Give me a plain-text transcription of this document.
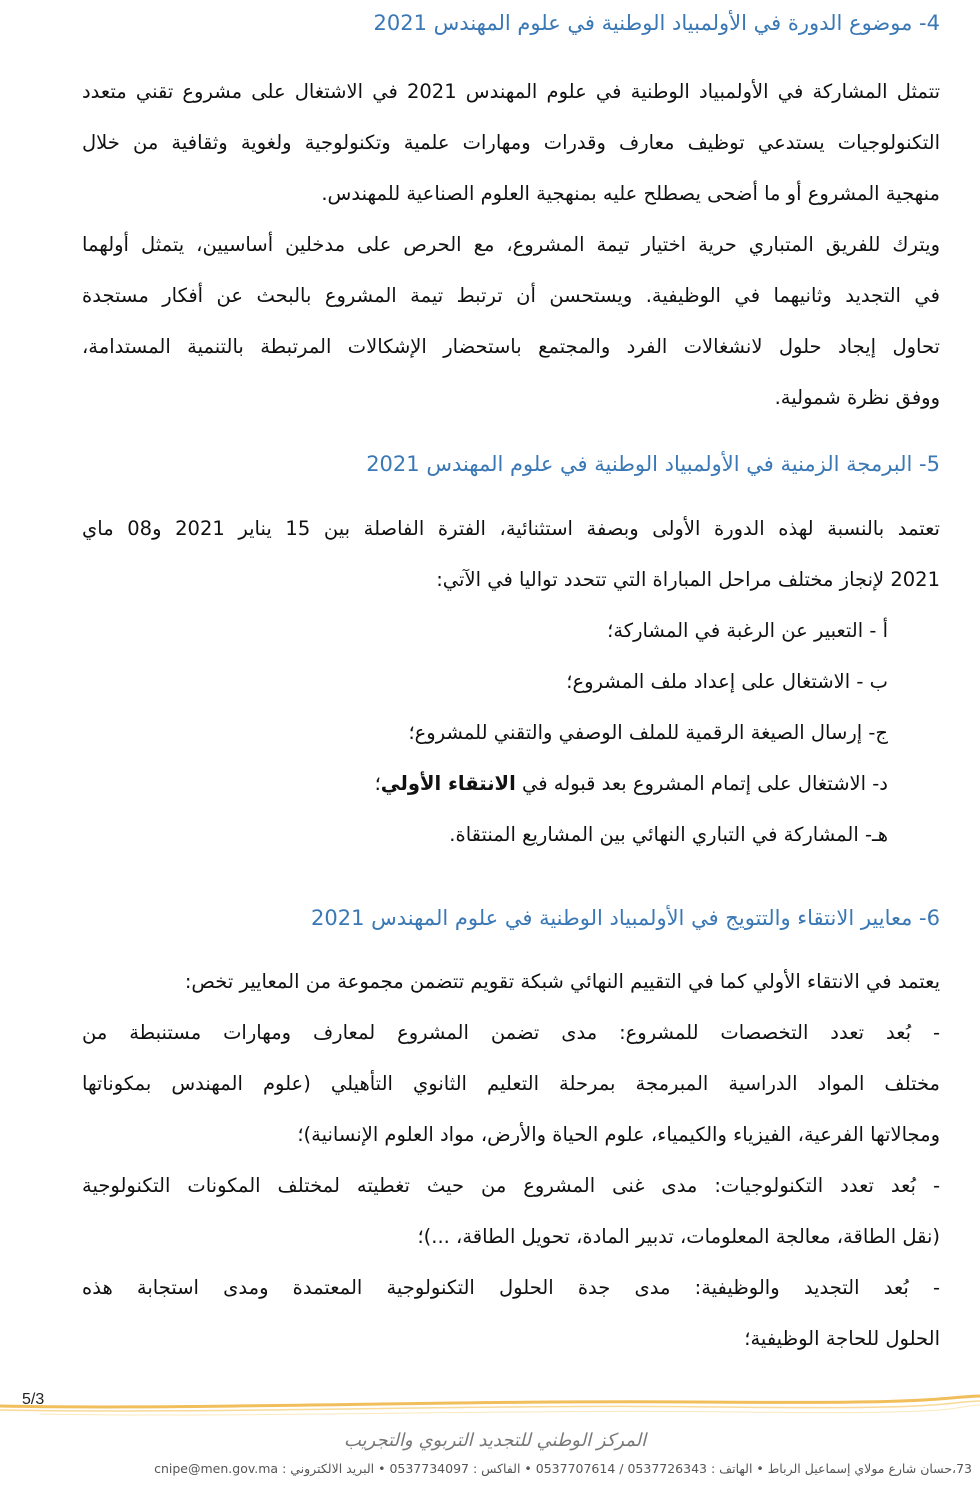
4- موضوع الدورة في الأولمبياد الوطنية في علوم المهندس 2021
تتمثل المشاركة في الأولمبياد الوطنية في علوم المهندس 2021 في الاشتغال على مشروع تقني متعدد
التكنولوجيات يستدعي توظيف معارف وقدرات ومهارات علمية وتكنولوجية ولغوية وثقافية من خلال
منهجية المشروع أو ما أضحى يصطلح عليه بمنهجية العلوم الصناعية للمهندس.
ويترك للفريق المتباري حرية اختيار تيمة المشروع، مع الحرص على مدخلين أساسيين، يتمثل أولهما
في التجديد وثانيهما في الوظيفية. ويستحسن أن ترتبط تيمة المشروع بالبحث عن أفكار مستجدة
تحاول إيجاد حلول لانشغالات الفرد والمجتمع باستحضار الإشكالات المرتبطة بالتنمية المستدامة،
ووفق نظرة شمولية.
5- البرمجة الزمنية في الأولمبياد الوطنية في علوم المهندس 2021
تعتمد بالنسبة لهذه الدورة الأولى وبصفة استثنائية، الفترة الفاصلة بين 15 يناير 2021 و08 ماي
2021 لإنجاز مختلف مراحل المباراة التي تتحدد تواليا في الآتي:
أ - التعبير عن الرغبة في المشاركة؛
ب - الاشتغال على إعداد ملف المشروع؛
ج- إرسال الصيغة الرقمية للملف الوصفي والتقني للمشروع؛
د- الاشتغال على إتمام المشروع بعد قبوله في الانتقاء الأولي؛
هـ- المشاركة في التباري النهائي بين المشاريع المنتقاة.
6- معايير الانتقاء والتتويج في الأولمبياد الوطنية في علوم المهندس 2021
يعتمد في الانتقاء الأولي كما في التقييم النهائي شبكة تقويم تتضمن مجموعة من المعايير تخص:
- بُعد تعدد التخصصات للمشروع: مدى تضمن المشروع لمعارف ومهارات مستنبطة من
مختلف المواد الدراسية المبرمجة بمرحلة التعليم الثانوي التأهيلي (علوم المهندس بمكوناتها
ومجالاتها الفرعية، الفيزياء والكيمياء، علوم الحياة والأرض، مواد العلوم الإنسانية)؛
- بُعد تعدد التكنولوجيات: مدى غنى المشروع من حيث تغطيته لمختلف المكونات التكنولوجية
(نقل الطاقة، معالجة المعلومات، تدبير المادة، تحويل الطاقة، ...)؛
- بُعد التجديد والوظيفية: مدى جدة الحلول التكنولوجية المعتمدة ومدى استجابة هذه
الحلول للحاجة الوظيفية؛
5/3
المركز الوطني للتجديد التربوي والتجريب
73،حسان شارع مولاي إسماعيل الرباط • الهاتف : 0537726343 / 0537707614 • الفاكس : 0537734097 • البريد الالكتروني : cnipe@men.gov.ma
